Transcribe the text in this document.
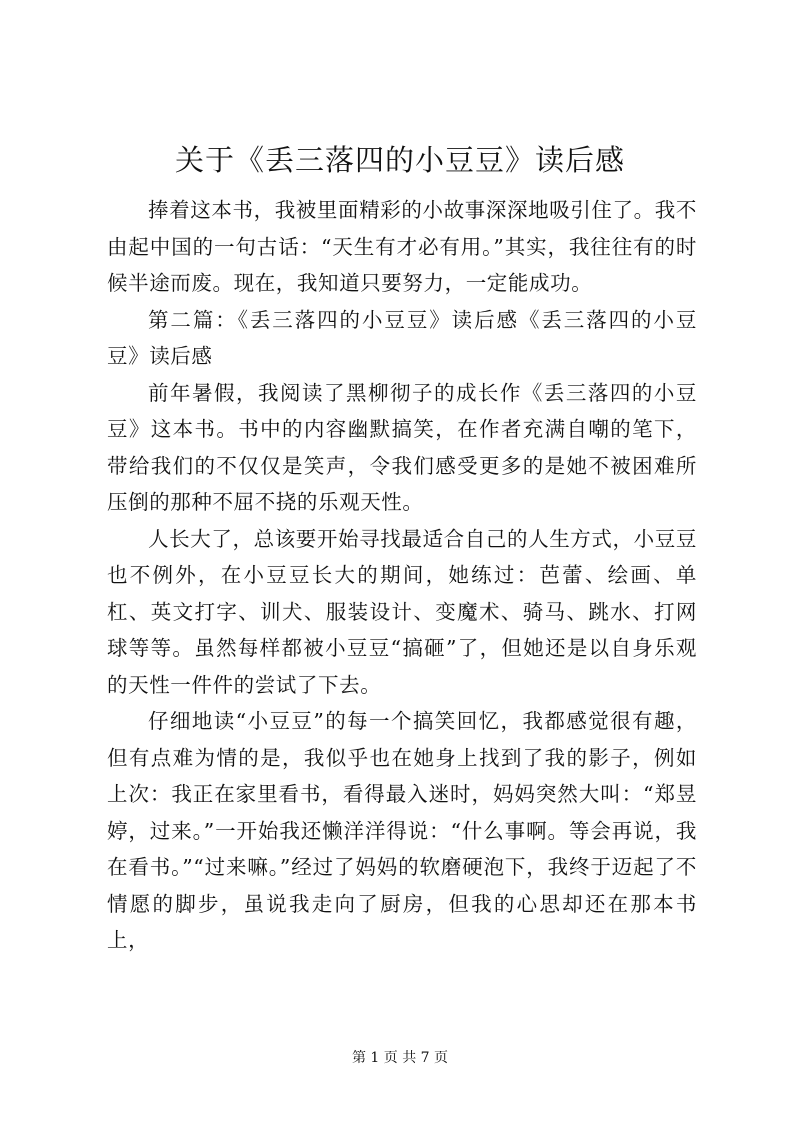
关于《丢三落四的小豆豆》读后感

捧着这本书，我被里面精彩的小故事深深地吸引住了。我不由起中国的一句古话：“天生有才必有用。”其实，我往往有的时候半途而废。现在，我知道只要努力，一定能成功。

第二篇：《丢三落四的小豆豆》读后感《丢三落四的小豆豆》读后感

前年暑假，我阅读了黑柳彻子的成长作《丢三落四的小豆豆》这本书。书中的内容幽默搞笑，在作者充满自嘲的笔下，带给我们的不仅仅是笑声，令我们感受更多的是她不被困难所压倒的那种不屈不挠的乐观天性。

人长大了，总该要开始寻找最适合自己的人生方式，小豆豆也不例外，在小豆豆长大的期间，她练过：芭蕾、绘画、单杠、英文打字、训犬、服装设计、变魔术、骑马、跳水、打网球等等。虽然每样都被小豆豆“搞砸”了，但她还是以自身乐观的天性一件件的尝试了下去。

仔细地读“小豆豆”的每一个搞笑回忆，我都感觉很有趣，但有点难为情的是，我似乎也在她身上找到了我的影子，例如上次：我正在家里看书，看得最入迷时，妈妈突然大叫：“郑昱婷，过来。”一开始我还懒洋洋得说：“什么事啊。等会再说，我在看书。”“过来嘛。”经过了妈妈的软磨硬泡下，我终于迈起了不情愿的脚步，虽说我走向了厨房，但我的心思却还在那本书上，

第 1 页 共 7 页
